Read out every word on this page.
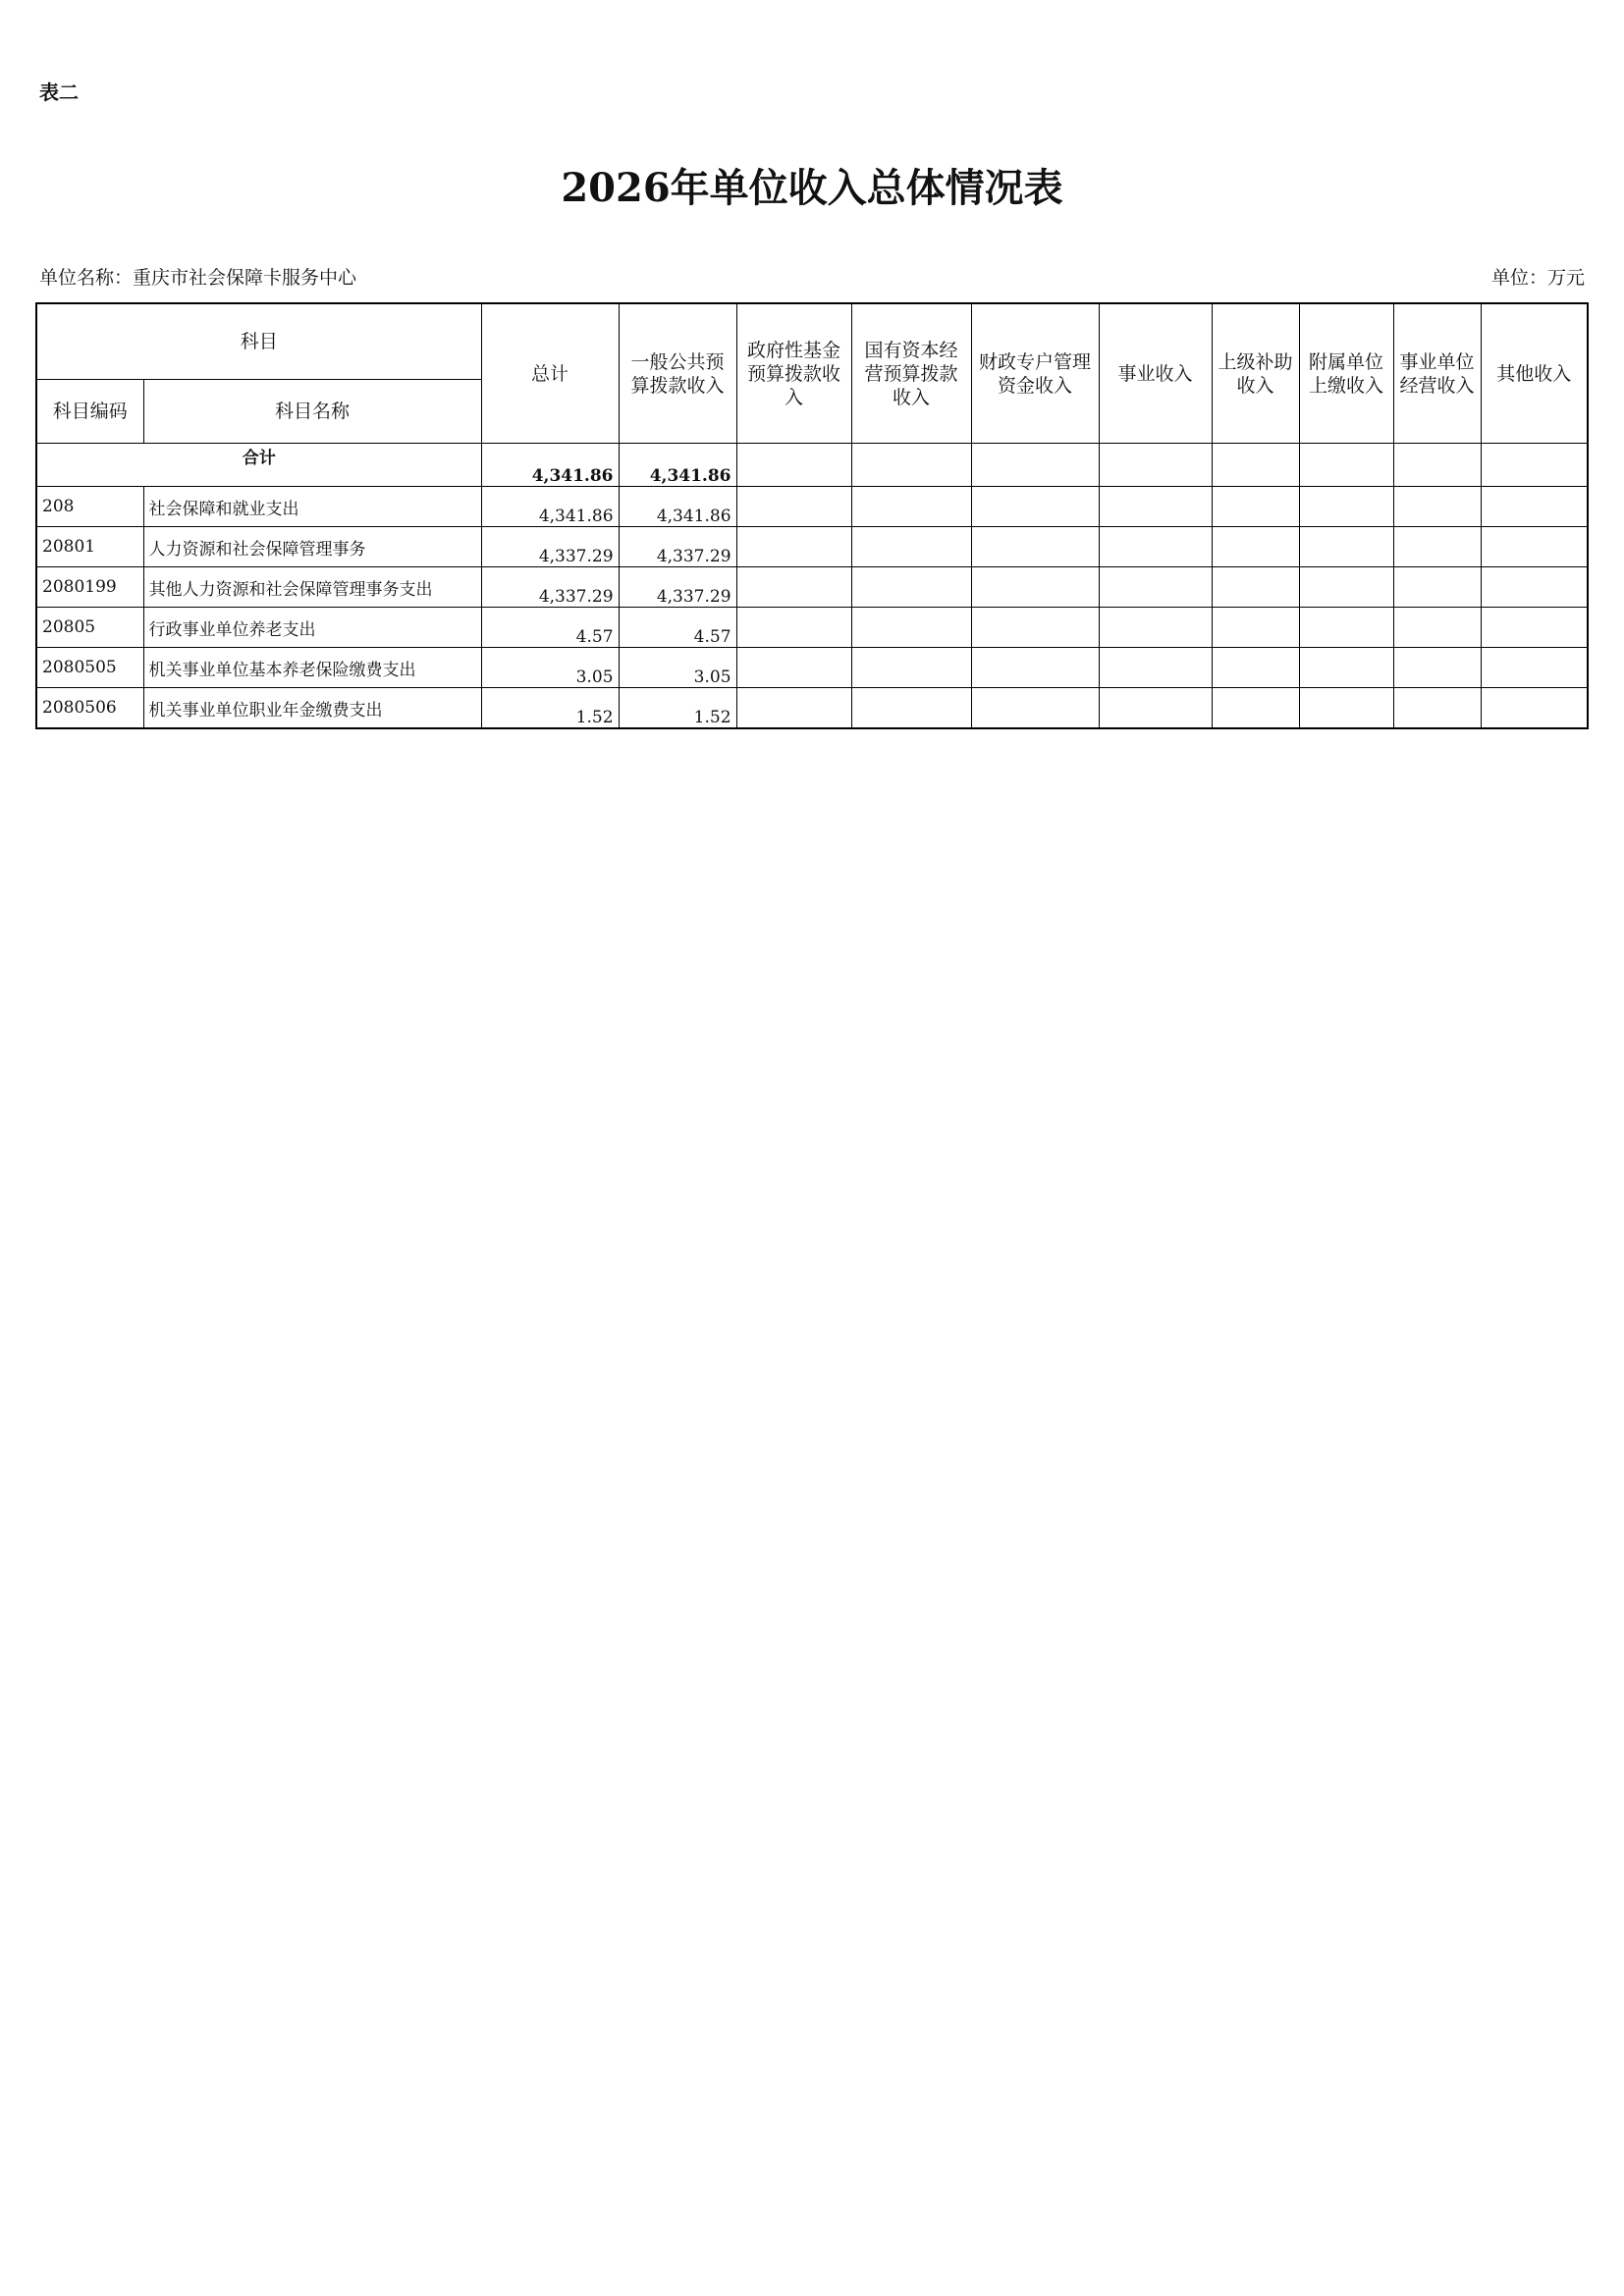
表二
2026年单位收入总体情况表
单位名称：重庆市社会保障卡服务中心	单位：万元
科目		总计	一般公共预算拨款收入	政府性基金预算拨款收入	国有资本经营预算拨款收入	财政专户管理资金收入	事业收入	上级补助收入	附属单位上缴收入	事业单位经营收入	其他收入
科目编码	科目名称										
合计		4,341.86	4,341.86								
208	社会保障和就业支出	4,341.86	4,341.86								
20801	人力资源和社会保障管理事务	4,337.29	4,337.29								
2080199	其他人力资源和社会保障管理事务支出	4,337.29	4,337.29								
20805	行政事业单位养老支出	4.57	4.57								
2080505	机关事业单位基本养老保险缴费支出	3.05	3.05								
2080506	机关事业单位职业年金缴费支出	1.52	1.52								
